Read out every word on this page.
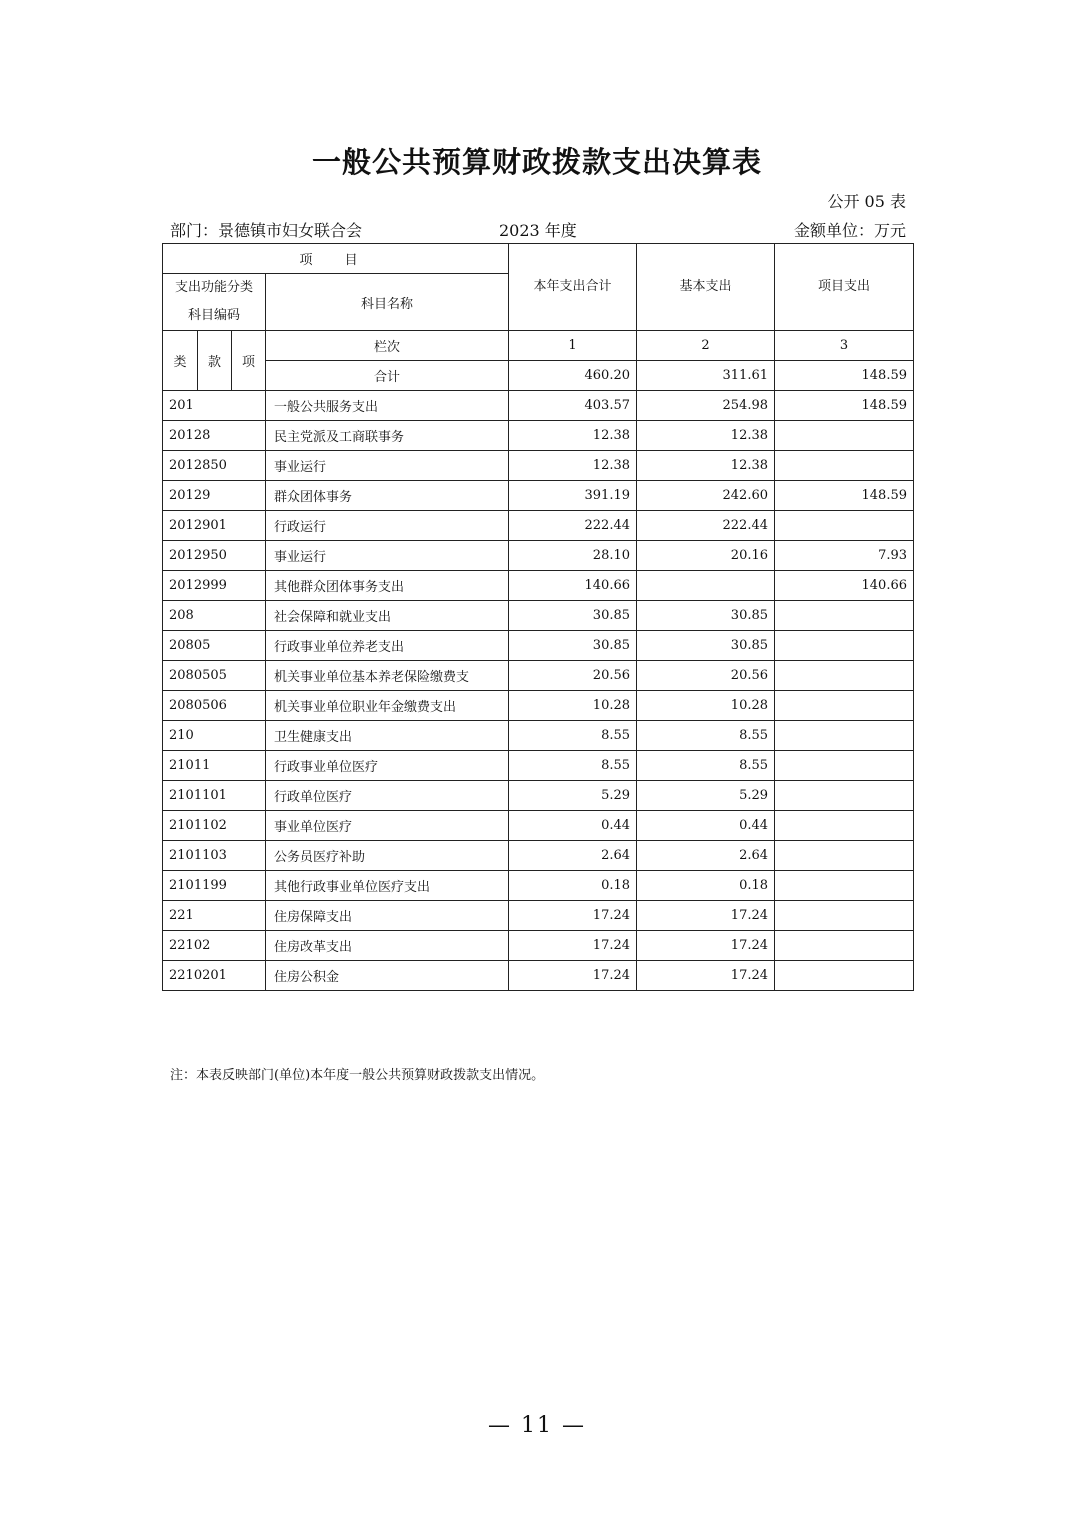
一般公共预算财政拨款支出决算表
公开 05 表
部门：景德镇市妇女联合会	2023 年度	金额单位：万元
项 目				本年支出合计	基本支出	项目支出
支出功能分类
科目编码			科目名称			
类	款	项	栏次	1	2	3
			合计	460.20	311.61	148.59
201			一般公共服务支出	403.57	254.98	148.59
20128			民主党派及工商联事务	12.38	12.38	
2012850			事业运行	12.38	12.38	
20129			群众团体事务	391.19	242.60	148.59
2012901			行政运行	222.44	222.44	
2012950			事业运行	28.10	20.16	7.93
2012999			其他群众团体事务支出	140.66		140.66
208			社会保障和就业支出	30.85	30.85	
20805			行政事业单位养老支出	30.85	30.85	
2080505			机关事业单位基本养老保险缴费支	20.56	20.56	
2080506			机关事业单位职业年金缴费支出	10.28	10.28	
210			卫生健康支出	8.55	8.55	
21011			行政事业单位医疗	8.55	8.55	
2101101			行政单位医疗	5.29	5.29	
2101102			事业单位医疗	0.44	0.44	
2101103			公务员医疗补助	2.64	2.64	
2101199			其他行政事业单位医疗支出	0.18	0.18	
221			住房保障支出	17.24	17.24	
22102			住房改革支出	17.24	17.24	
2210201			住房公积金	17.24	17.24	
注：本表反映部门(单位)本年度一般公共预算财政拨款支出情况。
— 11 —
